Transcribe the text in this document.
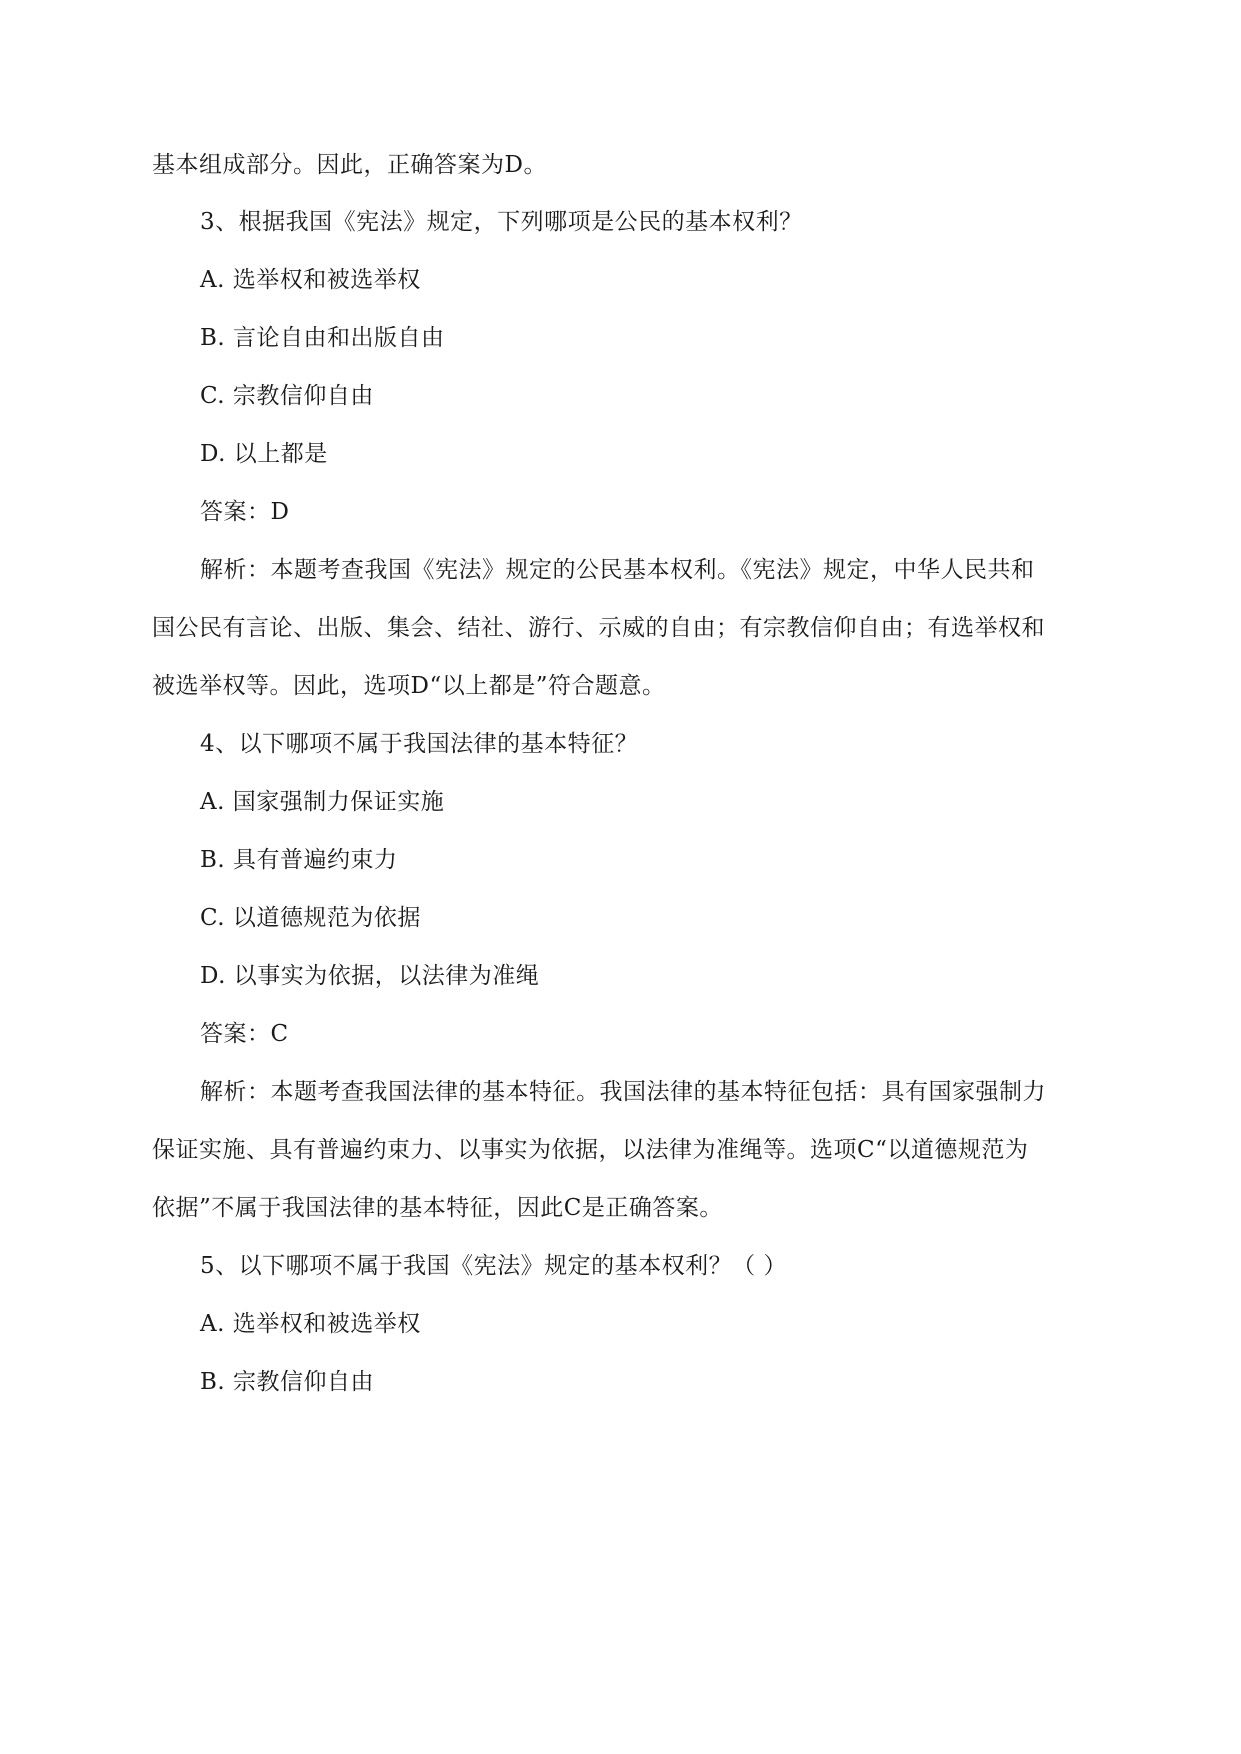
基本组成部分。因此，正确答案为D。

3、根据我国《宪法》规定，下列哪项是公民的基本权利？

A. 选举权和被选举权

B. 言论自由和出版自由

C. 宗教信仰自由

D. 以上都是

答案：D

解析：本题考查我国《宪法》规定的公民基本权利。《宪法》规定，中华人民共和

国公民有言论、出版、集会、结社、游行、示威的自由；有宗教信仰自由；有选举权和

被选举权等。因此，选项D“以上都是”符合题意。

4、以下哪项不属于我国法律的基本特征？

A. 国家强制力保证实施

B. 具有普遍约束力

C. 以道德规范为依据

D. 以事实为依据，以法律为准绳

答案：C

解析：本题考查我国法律的基本特征。我国法律的基本特征包括：具有国家强制力

保证实施、具有普遍约束力、以事实为依据，以法律为准绳等。选项C“以道德规范为

依据”不属于我国法律的基本特征，因此C是正确答案。

5、以下哪项不属于我国《宪法》规定的基本权利？（ ）

A. 选举权和被选举权

B. 宗教信仰自由
